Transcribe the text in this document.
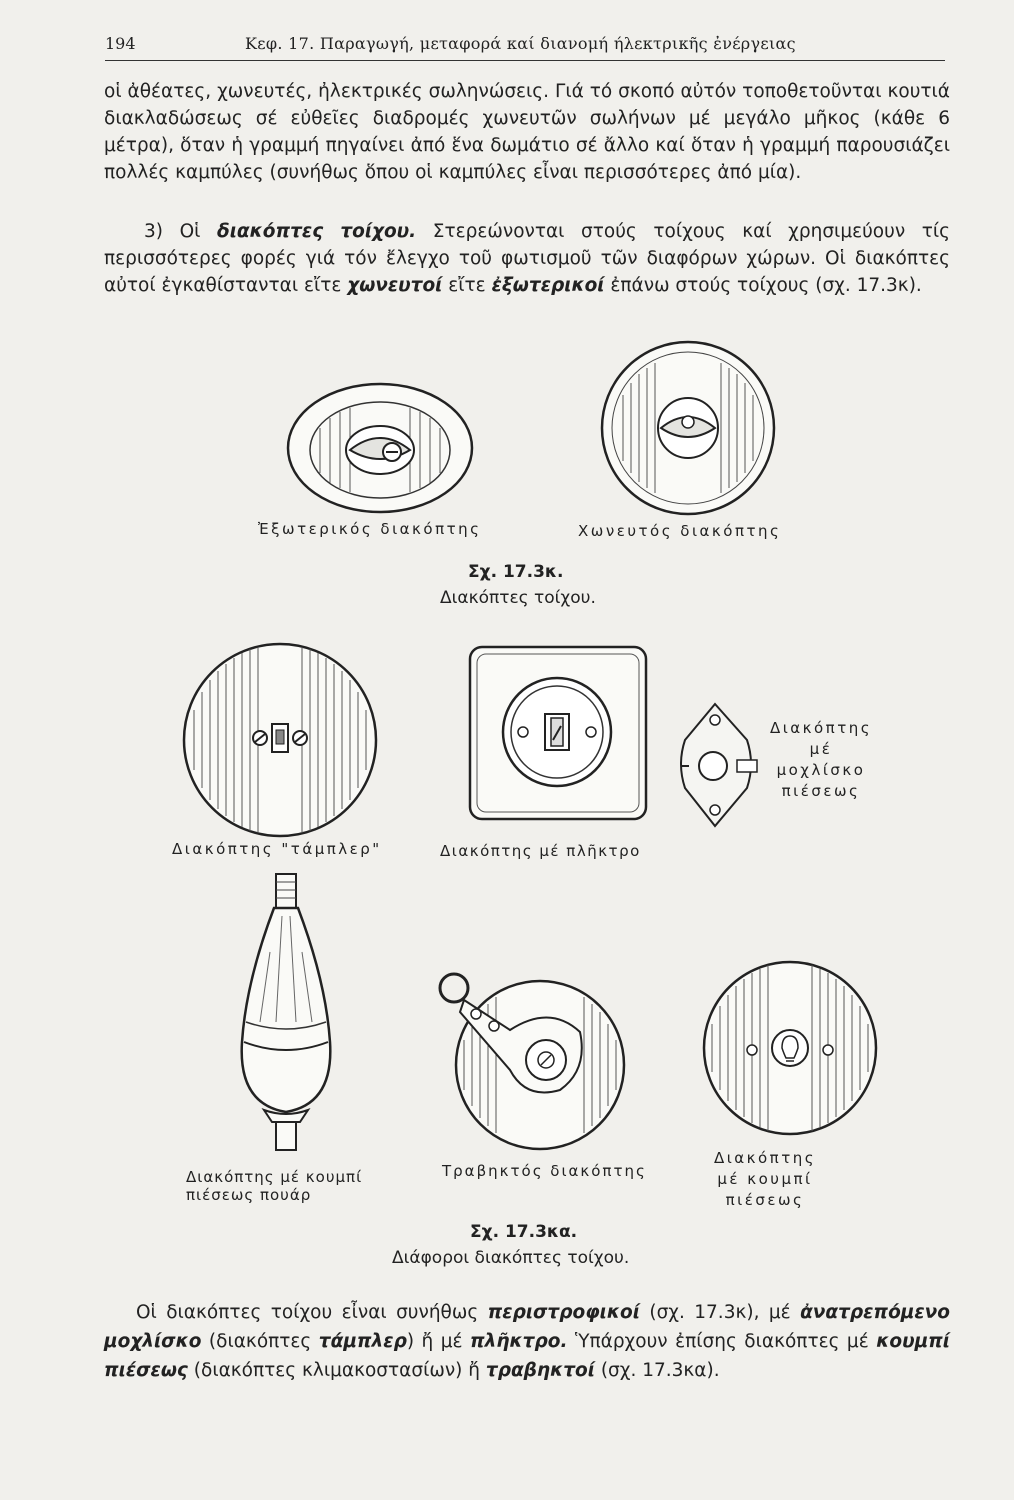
194	Κεφ. 17. Παραγωγή, μεταφορά καί διανομή ήλεκτρικῆς ἐνέργειας

οἱ ἀθέατες, χωνευτές, ἠλεκτρικές σωληνώσεις. Γιά τό σκοπό αὐτόν τοποθετοῦνται κουτιά διακλαδώσεως σέ εὐθεῖες διαδρομές χωνευτῶν σωλήνων μέ μεγάλο μῆκος (κάθε 6 μέτρα), ὅταν ἡ γραμμή πηγαίνει ἀπό ἕνα δωμάτιο σέ ἄλλο καί ὅταν ἡ γραμμή παρουσιάζει πολλές καμπύλες (συνήθως ὅπου οἱ καμπύλες εἶναι περισσότερες ἀπό μία).

3) Οἱ διακόπτες τοίχου. Στερεώνονται στούς τοίχους καί χρησιμεύουν τίς περισσότερες φορές γιά τόν ἔλεγχο τοῦ φωτισμοῦ τῶν διαφόρων χώρων. Οἱ διακόπτες αὐτοί ἐγκαθίστανται εἴτε χωνευτοί εἴτε ἐξωτερικοί ἐπάνω στούς τοίχους (σχ. 17.3κ).

Ἐξωτερικός διακόπτης	Χωνευτός διακόπτης
Σχ. 17.3κ.
Διακόπτες τοίχου.
Διακόπτης
μέ
μοχλίσκο
πιέσεως
Διακόπτης "τάμπλερ"	Διακόπτης μέ πλῆκτρο
Διακόπτης μέ κουμπί
πιέσεως πουάρ
Τραβηκτός διακόπτης
Διακόπτης
μέ κουμπί
πιέσεως
Σχ. 17.3κα.
Διάφοροι διακόπτες τοίχου.

Οἱ διακόπτες τοίχου εἶναι συνήθως περιστροφικοί (σχ. 17.3κ), μέ ἀνατρεπόμενο μοχλίσκο (διακόπτες τάμπλερ) ἤ μέ πλῆκτρο. Ὑπάρχουν ἐπίσης διακόπτες μέ κουμπί πιέσεως (διακόπτες κλιμακοστασίων) ἤ τραβηκτοί (σχ. 17.3κα).
